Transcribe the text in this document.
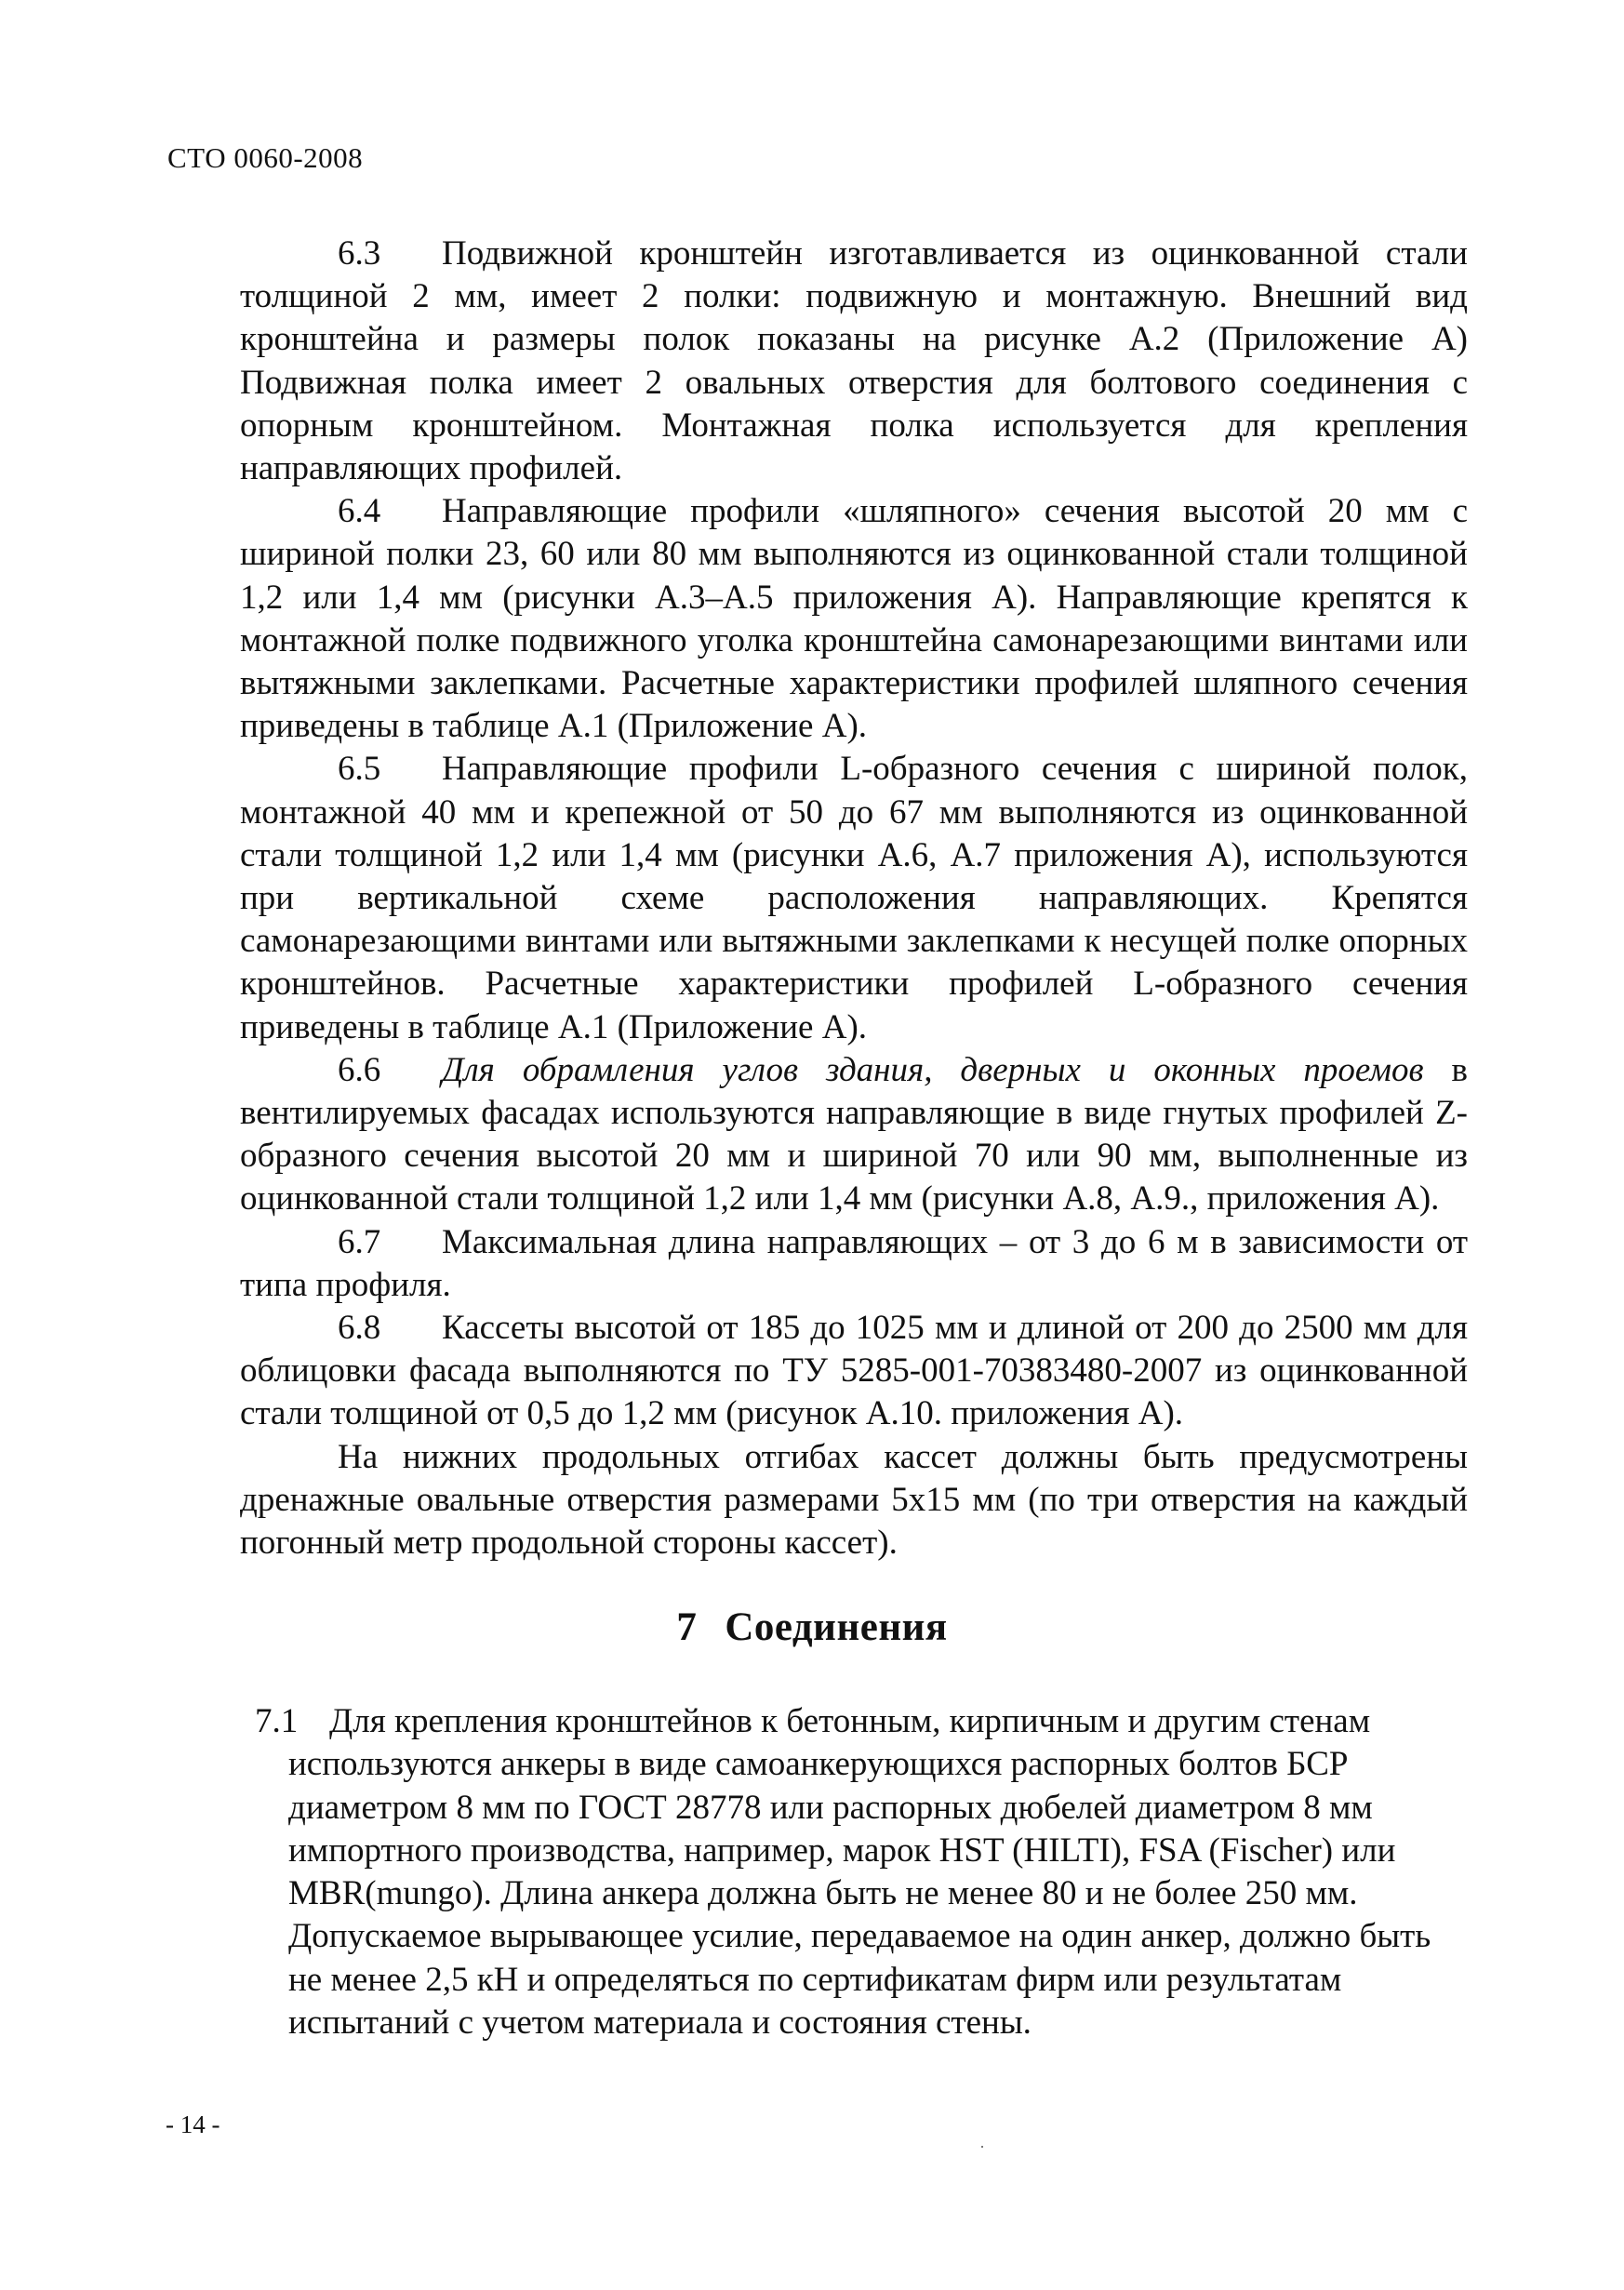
СТО 0060-2008

6.3 Подвижной кронштейн изготавливается из оцинкованной стали толщиной 2 мм, имеет 2 полки: подвижную и монтажную. Внешний вид кронштейна и размеры полок показаны на рисунке А.2 (Приложение А) Подвижная полка имеет 2 овальных отверстия для болтового соединения с опорным кронштейном. Монтажная полка используется для крепления направляющих профилей.

6.4 Направляющие профили «шляпного» сечения высотой 20 мм с шириной полки 23, 60 или 80 мм выполняются из оцинкованной стали толщиной 1,2 или 1,4 мм (рисунки А.3–А.5 приложения А). Направляющие крепятся к монтажной полке подвижного уголка кронштейна самонарезающими винтами или вытяжными заклепками. Расчетные характеристики профилей шляпного сечения приведены в таблице А.1 (Приложение А).

6.5 Направляющие профили L-образного сечения с шириной полок, монтажной 40 мм и крепежной от 50 до 67 мм выполняются из оцинкованной стали толщиной 1,2 или 1,4 мм (рисунки А.6, А.7 приложения А), используются при вертикальной схеме расположения направляющих. Крепятся самонарезающими винтами или вытяжными заклепками к несущей полке опорных кронштейнов. Расчетные характеристики профилей L-образного сечения приведены в таблице А.1 (Приложение А).

6.6 Для обрамления углов здания, дверных и оконных проемов в вентилируемых фасадах используются направляющие в виде гнутых профилей Z-образного сечения высотой 20 мм и шириной 70 или 90 мм, выполненные из оцинкованной стали толщиной 1,2 или 1,4 мм (рисунки А.8, А.9., приложения А).

6.7 Максимальная длина направляющих – от 3 до 6 м в зависимости от типа профиля.

6.8 Кассеты высотой от 185 до 1025 мм и длиной от 200 до 2500 мм для облицовки фасада выполняются по ТУ 5285-001-70383480-2007 из оцинкованной стали толщиной от 0,5 до 1,2 мм (рисунок А.10. приложения А).

На нижних продольных отгибах кассет должны быть предусмотрены дренажные овальные отверстия размерами 5х15 мм (по три отверстия на каждый погонный метр продольной стороны кассет).

7 Соединения

7.1 Для крепления кронштейнов к бетонным, кирпичным и другим стенам

используются анкеры в виде самоанкерующихся распорных болтов БСР диаметром 8 мм по ГОСТ 28778 или распорных дюбелей диаметром 8 мм импортного производства, например, марок HST (HILTI), FSA (Fischer) или MBR(mungo). Длина анкера должна быть не менее 80 и не более 250 мм. Допускаемое вырывающее усилие, передаваемое на один анкер, должно быть не менее 2,5 кН и определяться по сертификатам фирм или результатам испытаний с учетом материала и состояния стены.

- 14 -
